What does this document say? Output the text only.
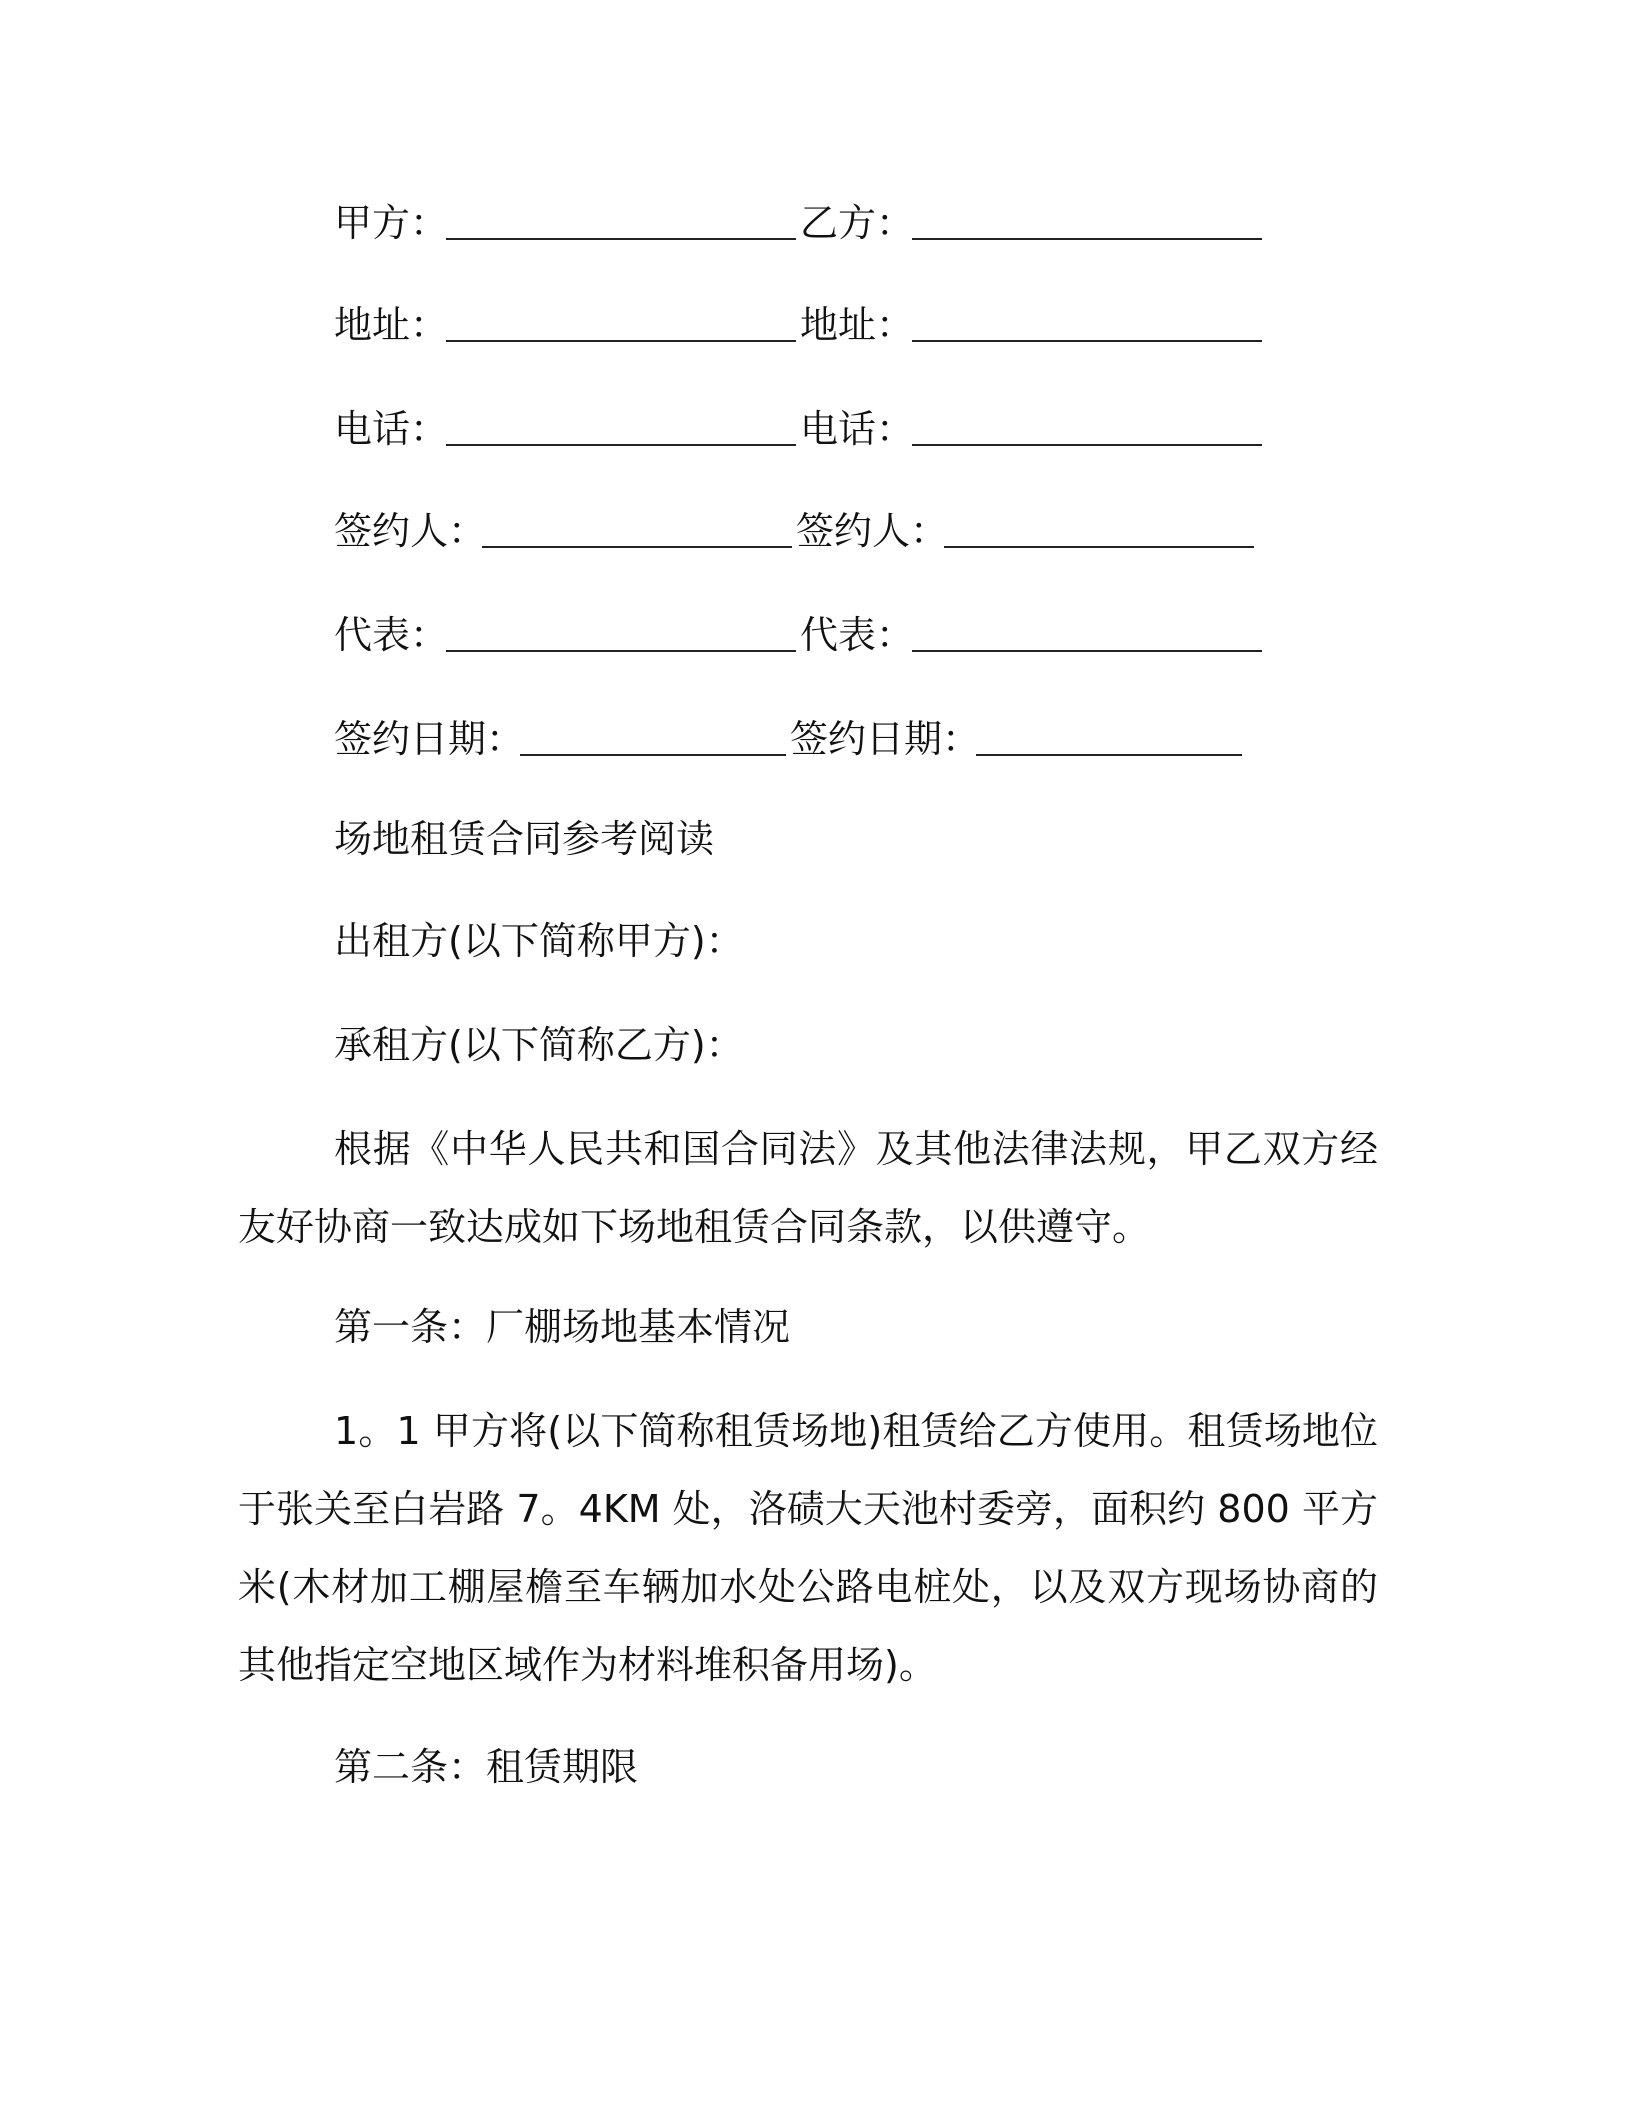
甲方：	乙方：
地址：	地址：
电话：	电话：
签约人：	签约人：
代表：	代表：
签约日期：	签约日期：
场地租赁合同参考阅读
出租方(以下简称甲方)：
承租方(以下简称乙方)：
根据《中华人民共和国合同法》及其他法律法规，甲乙双方经友好协商一致达成如下场地租赁合同条款，以供遵守。
第一条：厂棚场地基本情况
1。1 甲方将(以下简称租赁场地)租赁给乙方使用。租赁场地位于张关至白岩路 7。4KM 处，洛碛大天池村委旁，面积约 800 平方米(木材加工棚屋檐至车辆加水处公路电桩处，以及双方现场协商的其他指定空地区域作为材料堆积备用场)。
第二条：租赁期限
